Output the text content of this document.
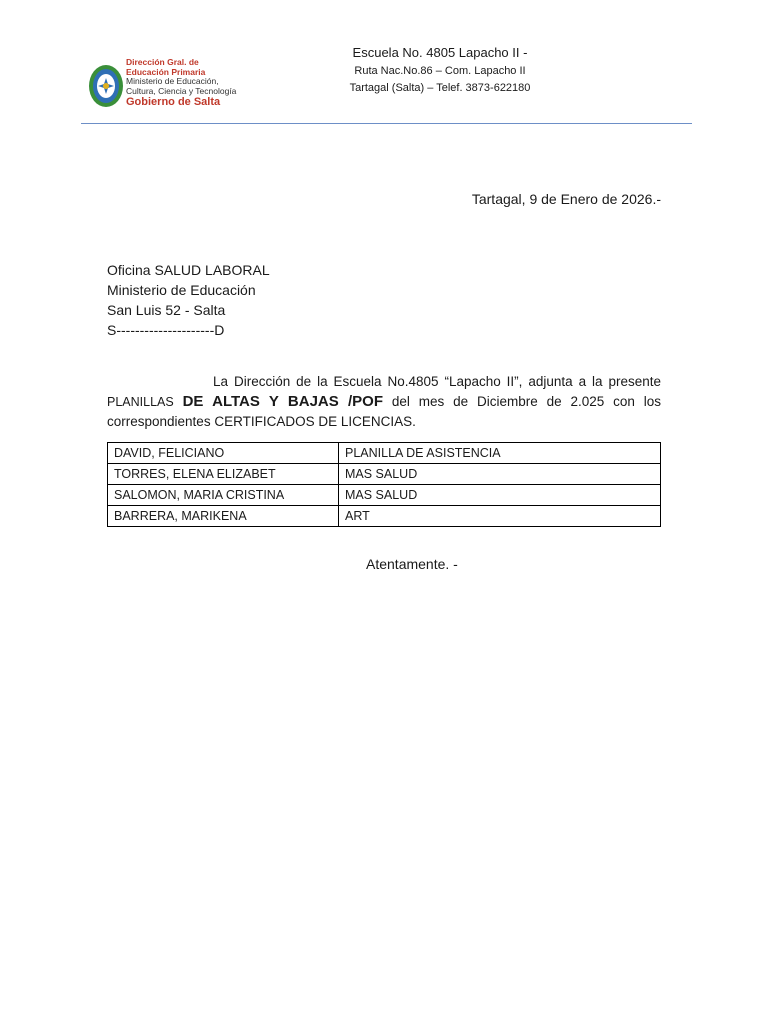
Dirección Gral. de
Educación Primaria
Ministerio de Educación,
Cultura, Ciencia y Tecnología
Gobierno de Salta
Escuela No. 4805 Lapacho II -
Ruta Nac.No.86 – Com. Lapacho II
Tartagal (Salta) – Telef. 3873-622180
Tartagal, 9 de Enero de 2026.-
Oficina SALUD LABORAL
Ministerio de Educación
San Luis 52 - Salta
S---------------------D
La Dirección de la Escuela No.4805 “Lapacho II”, adjunta a la presente PLANILLAS DE ALTAS Y BAJAS /POF del mes de Diciembre de 2.025 con los correspondientes CERTIFICADOS DE LICENCIAS.
DAVID, FELICIANO	PLANILLA DE ASISTENCIA
TORRES, ELENA ELIZABET	MAS SALUD
SALOMON, MARIA CRISTINA	MAS SALUD
BARRERA, MARIKENA	ART
Atentamente. -
